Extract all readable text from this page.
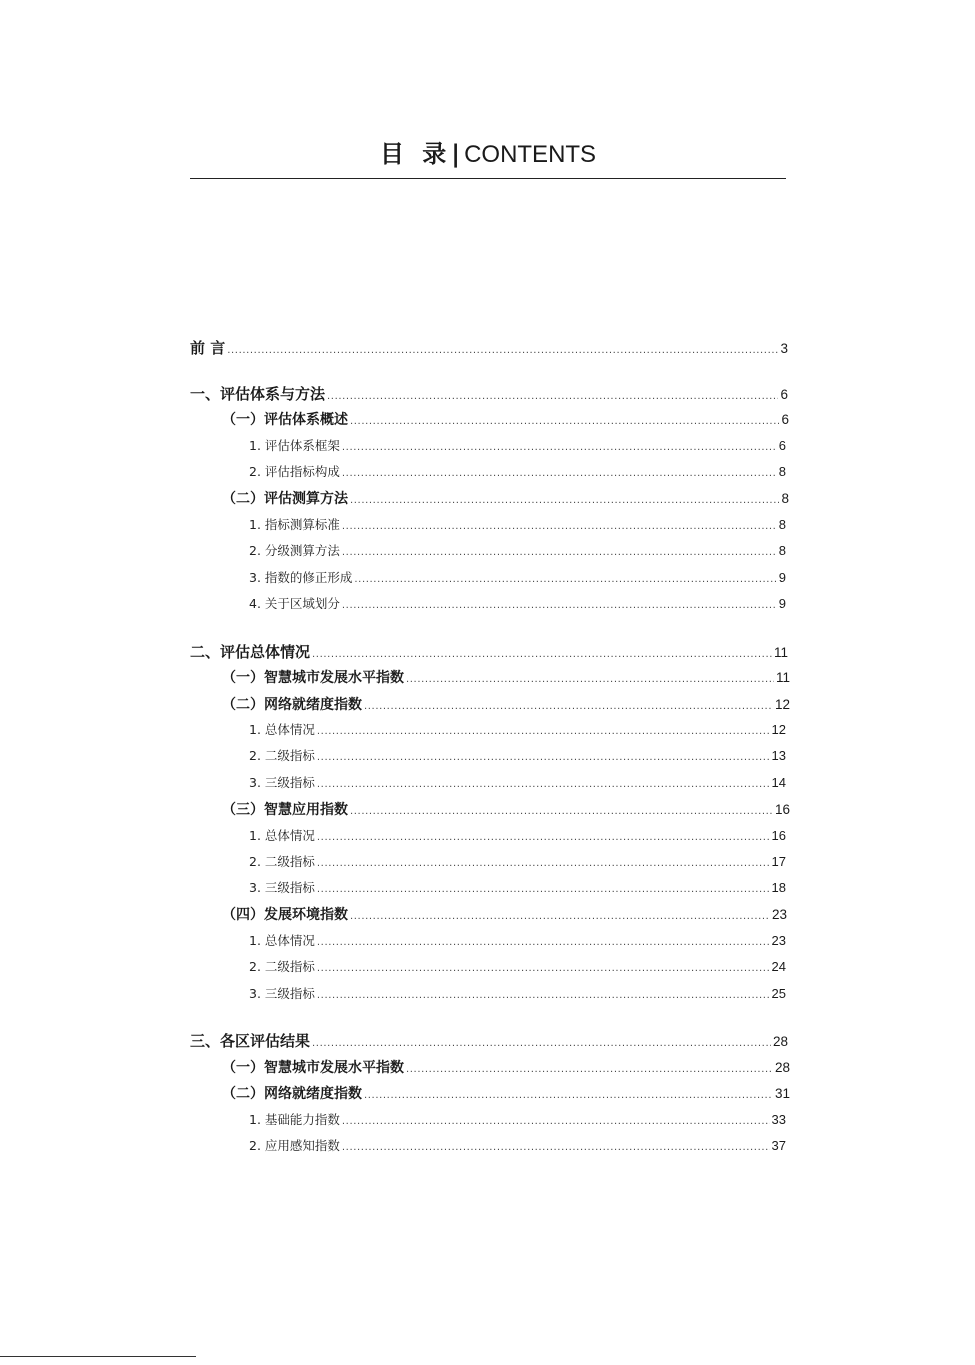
目 录| CONTENTS
前 言 .....	3
一、评估体系与方法 .....	6
（一）评估体系概述 .....	6
1. 评估体系框架 .....	6
2. 评估指标构成 .....	8
（二）评估测算方法 .....	8
1. 指标测算标准 .....	8
2. 分级测算方法 .....	8
3. 指数的修正形成 .....	9
4. 关于区域划分 .....	9
二、评估总体情况 .....	11
（一）智慧城市发展水平指数 .....	11
（二）网络就绪度指数 .....	12
1. 总体情况 .....	12
2. 二级指标 .....	13
3. 三级指标 .....	14
（三）智慧应用指数 .....	16
1. 总体情况 .....	16
2. 二级指标 .....	17
3. 三级指标 .....	18
（四）发展环境指数 .....	23
1. 总体情况 .....	23
2. 二级指标 .....	24
3. 三级指标 .....	25
三、各区评估结果 .....	28
（一）智慧城市发展水平指数 .....	28
（二）网络就绪度指数 .....	31
1. 基础能力指数 .....	33
2. 应用感知指数 .....	37
